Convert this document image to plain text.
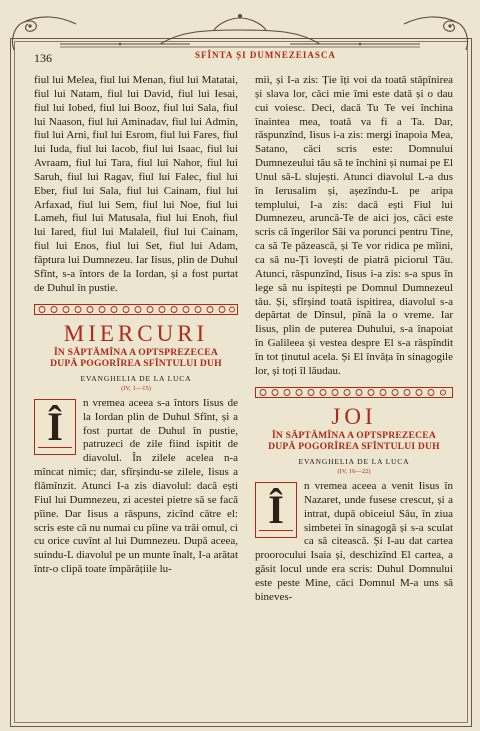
136	SFÎNTA ȘI DUMNEZEIASCA

fiul lui Melea, fiul lui Menan, fiul lui Matatai, fiul lui Natam, fiul lui David, fiul lui Iesai, fiul lui Iobed, fiul lui Booz, fiul lui Sala, fiul lui Naason, fiul lui Aminadav, fiul lui Admin, fiul lui Arni, fiul lui Esrom, fiul lui Fares, fiul lui Iuda, fiul lui Iacob, fiul lui Isaac, fiul lui Avraam, fiul lui Tara, fiul lui Nahor, fiul lui Saruh, fiul lui Ragav, fiul lui Falec, fiul lui Eber, fiul lui Sala, fiul lui Cainam, fiul lui Arfaxad, fiul lui Sem, fiul lui Noe, fiul lui Lameh, fiul lui Matusala, fiul lui Enoh, fiul lui Iared, fiul lui Malaleil, fiul lui Cainam, fiul lui Enos, fiul lui Set, fiul lui Adam, făptura lui Dumnezeu. Iar Iisus, plin de Duhul Sfînt, s-a întors de la Iordan, și a fost purtat de Duhul în pustie.

MIERCURI
ÎN SĂPTĂMÎNA A OPTSPREZECEA
DUPĂ POGORÎREA SFÎNTULUI DUH
EVANGHELIA DE LA LUCA
(IV, 1—15)

Î
n vremea aceea s-a întors Iisus de la Iordan plin de Duhul Sfînt, și a fost purtat de Duhul în pustie, patruzeci de zile fiind ispitit de diavolul. În zilele acelea n-a mîncat nimic; dar, sfîrșindu-se zilele, Iisus a flămînzit. Atunci I-a zis diavolul: dacă ești Fiul lui Dumnezeu, zi acestei pietre să se facă pîine. Dar Iisus a răspuns, zicînd către el: scris este că nu numai cu pîine va trăi omul, ci cu orice cuvînt al lui Dumnezeu. După aceea, suindu-L diavolul pe un munte înalt, I-a arătat într-o clipă toate împărățiile lu-

mii, și I-a zis: Ție îți voi da toată stăpînirea și slava lor, căci mie îmi este dată și o dau cui voiesc. Deci, dacă Tu Te vei închina înaintea mea, toată va fi a Ta. Dar, răspunzînd, Iisus i-a zis: mergi înapoia Mea, Satano, căci scris este: Domnului Dumnezeului tău să te închini și numai pe El Unul să-L slujești. Atunci diavolul L-a dus în Ierusalim și, așezîndu-L pe aripa templului, I-a zis: dacă ești Fiul lui Dumnezeu, aruncă-Te de aici jos, căci este scris că îngerilor Săi va porunci pentru Tine, ca să Te păzească, și Te vor ridica pe mîini, ca să nu-Ți lovești de piatră piciorul Tău. Atunci, răspunzînd, Iisus i-a zis: s-a spus în lege să nu ispitești pe Domnul Dumnezeul tău. Și, sfîrșind toată ispitirea, diavolul s-a depărtat de Dînsul, pînă la o vreme. Iar Iisus, plin de puterea Duhului, s-a înapoiat în Galileea și vestea despre El s-a răspîndit în tot ținutul acela. Și El învăța în sinagogile lor, și toți îl lăudau.

JOI
ÎN SĂPTĂMÎNA A OPTSPREZECEA
DUPĂ POGORÎREA SFÎNTULUI DUH
EVANGHELIA DE LA LUCA
(IV, 16—22)

Î
n vremea aceea a venit Iisus în Nazaret, unde fusese crescut, și a intrat, după obiceiul Său, în ziua simbetei în sinagogă și s-a sculat ca să citească. Și I-au dat cartea proorocului Isaia și, deschizînd El cartea, a găsit locul unde era scris: Duhul Domnului este peste Mine, căci Domnul M-a uns să bineves-
